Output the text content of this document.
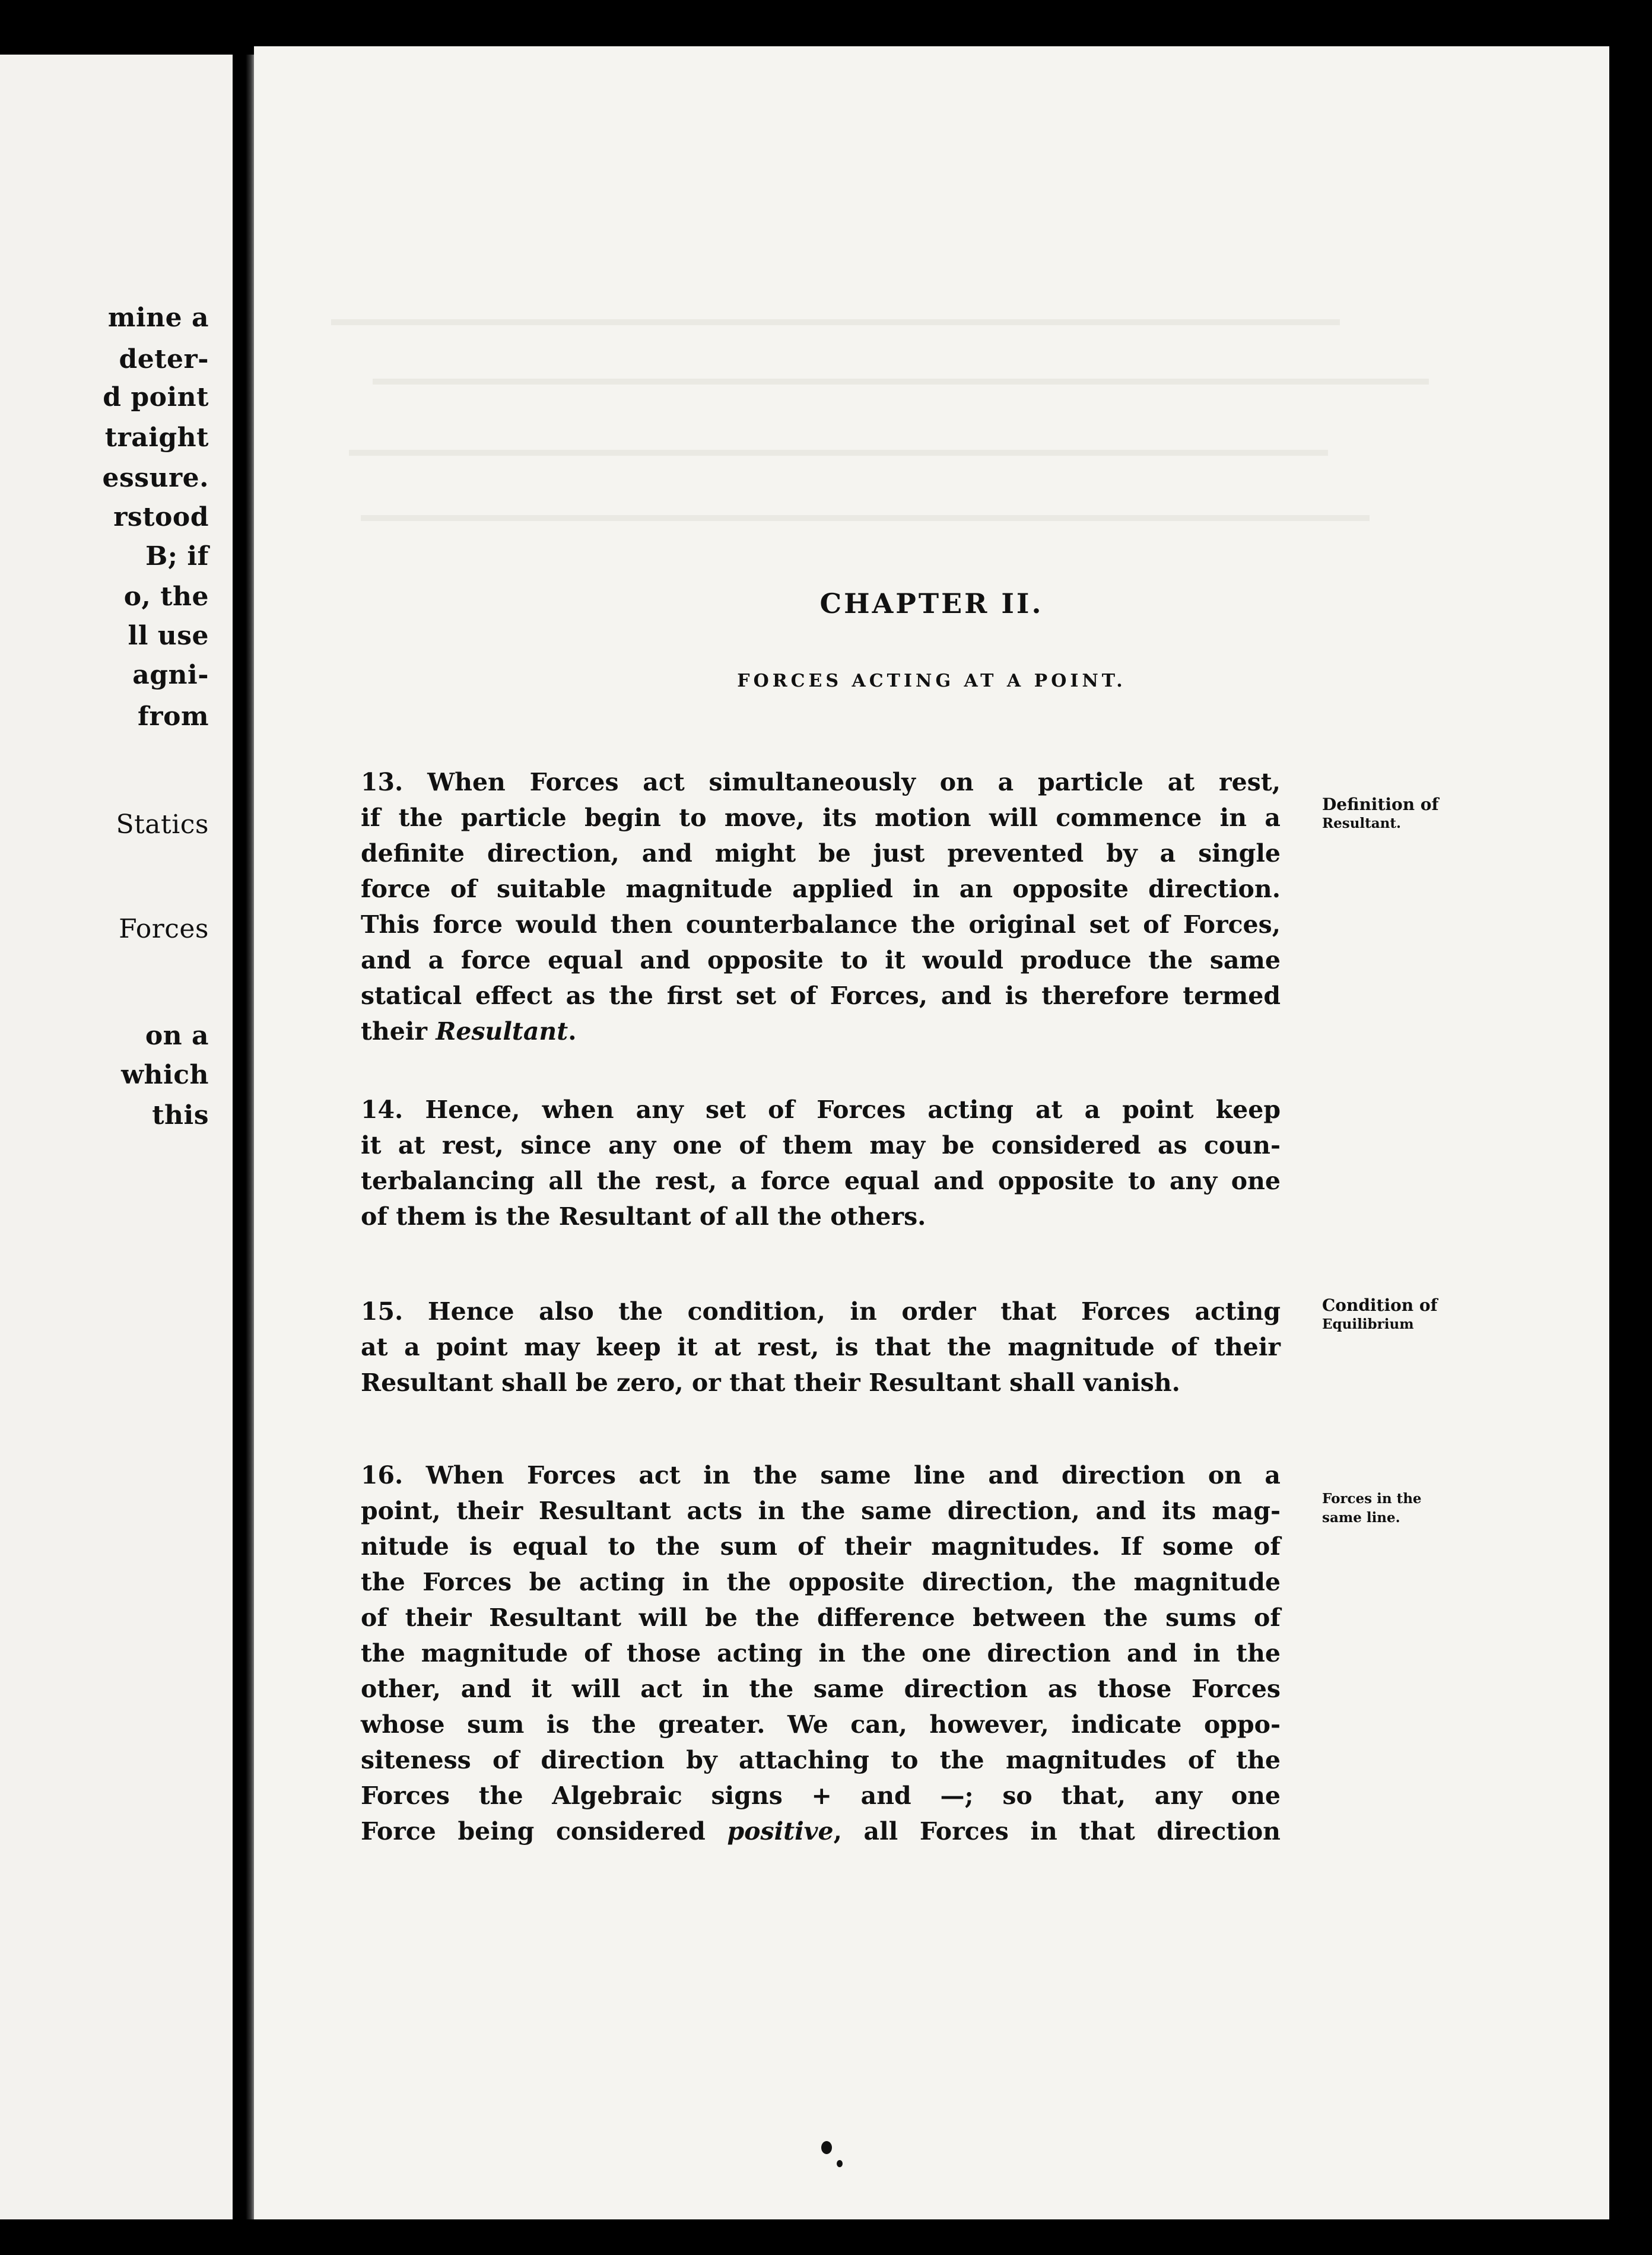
mine a
deter-
d point
traight
essure.
rstood
B; if
o, the
ll use
agni-
from
Statics
Forces
on a
which
this
CHAPTER II.
FORCES ACTING AT A POINT.

13. When Forces act simultaneously on a particle at rest,
if the particle begin to move, its motion will commence in a
definite direction, and might be just prevented by a single
force of suitable magnitude applied in an opposite direction.
This force would then counterbalance the original set of Forces,
and a force equal and opposite to it would produce the same
statical effect as the first set of Forces, and is therefore termed
their Resultant.

Definition of
Resultant.

14. Hence, when any set of Forces acting at a point keep
it at rest, since any one of them may be considered as coun-
terbalancing all the rest, a force equal and opposite to any one
of them is the Resultant of all the others.

15. Hence also the condition, in order that Forces acting
at a point may keep it at rest, is that the magnitude of their
Resultant shall be zero, or that their Resultant shall vanish.

Condition of
Equilibrium

16. When Forces act in the same line and direction on a
point, their Resultant acts in the same direction, and its mag-
nitude is equal to the sum of their magnitudes. If some of
the Forces be acting in the opposite direction, the magnitude
of their Resultant will be the difference between the sums of
the magnitude of those acting in the one direction and in the
other, and it will act in the same direction as those Forces
whose sum is the greater. We can, however, indicate oppo-
siteness of direction by attaching to the magnitudes of the
Forces the Algebraic signs + and —; so that, any one
Force being considered positive, all Forces in that direction

Forces in the
same line.
